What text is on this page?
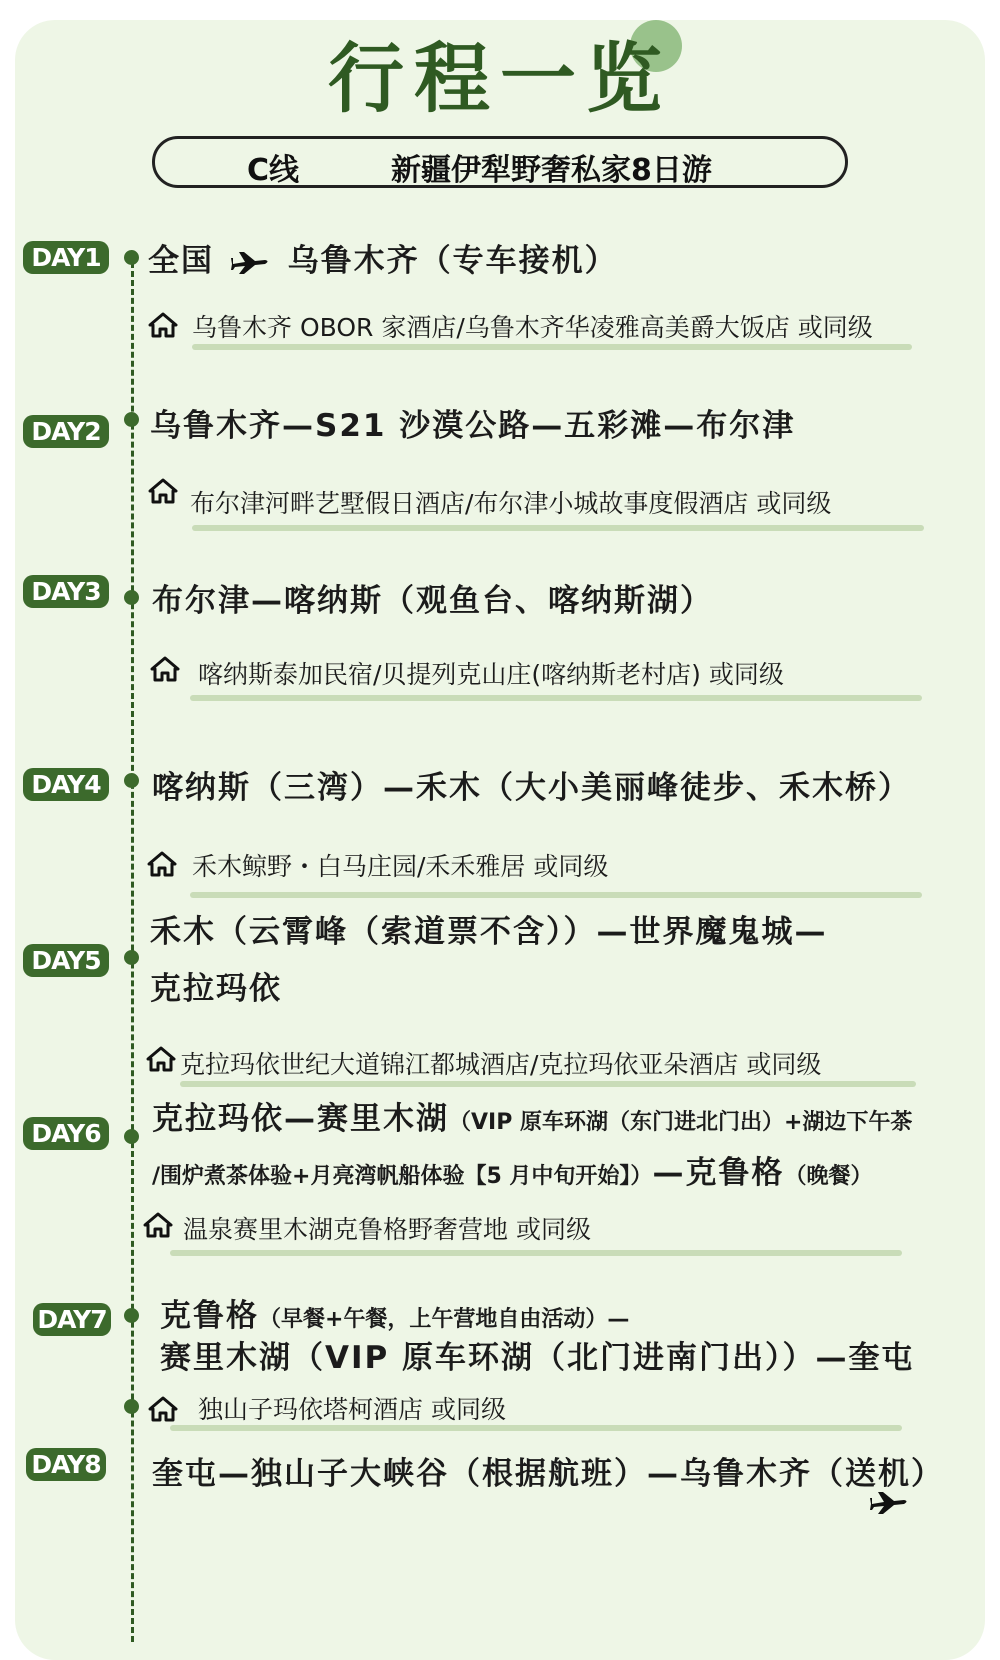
行程一览
C线	新疆伊犁野奢私家8日游
DAY1 全国 乌鲁木齐（专车接机）
乌鲁木齐 OBOR 家酒店/乌鲁木齐华凌雅高美爵大饭店 或同级
DAY2 乌鲁木齐—S21 沙漠公路—五彩滩—布尔津
布尔津河畔艺墅假日酒店/布尔津小城故事度假酒店 或同级
DAY3 布尔津—喀纳斯（观鱼台、喀纳斯湖）
喀纳斯泰加民宿/贝提列克山庄(喀纳斯老村店) 或同级
DAY4 喀纳斯（三湾）—禾木（大小美丽峰徒步、禾木桥）
禾木鲸野・白马庄园/禾禾雅居 或同级
DAY5
禾木（云霄峰（索道票不含））—世界魔鬼城—
克拉玛依
克拉玛依世纪大道锦江都城酒店/克拉玛依亚朵酒店 或同级
DAY6 克拉玛依—赛里木湖（VIP 原车环湖（东门进北门出）+湖边下午茶
/围炉煮茶体验+月亮湾帆船体验【5 月中旬开始】）—克鲁格（晚餐）
温泉赛里木湖克鲁格野奢营地 或同级
DAY7 克鲁格（早餐+午餐，上午营地自由活动）—
赛里木湖（VIP 原车环湖（北门进南门出））—奎屯
独山子玛依塔柯酒店 或同级
DAY8 奎屯—独山子大峡谷（根据航班）—乌鲁木齐（送机）
